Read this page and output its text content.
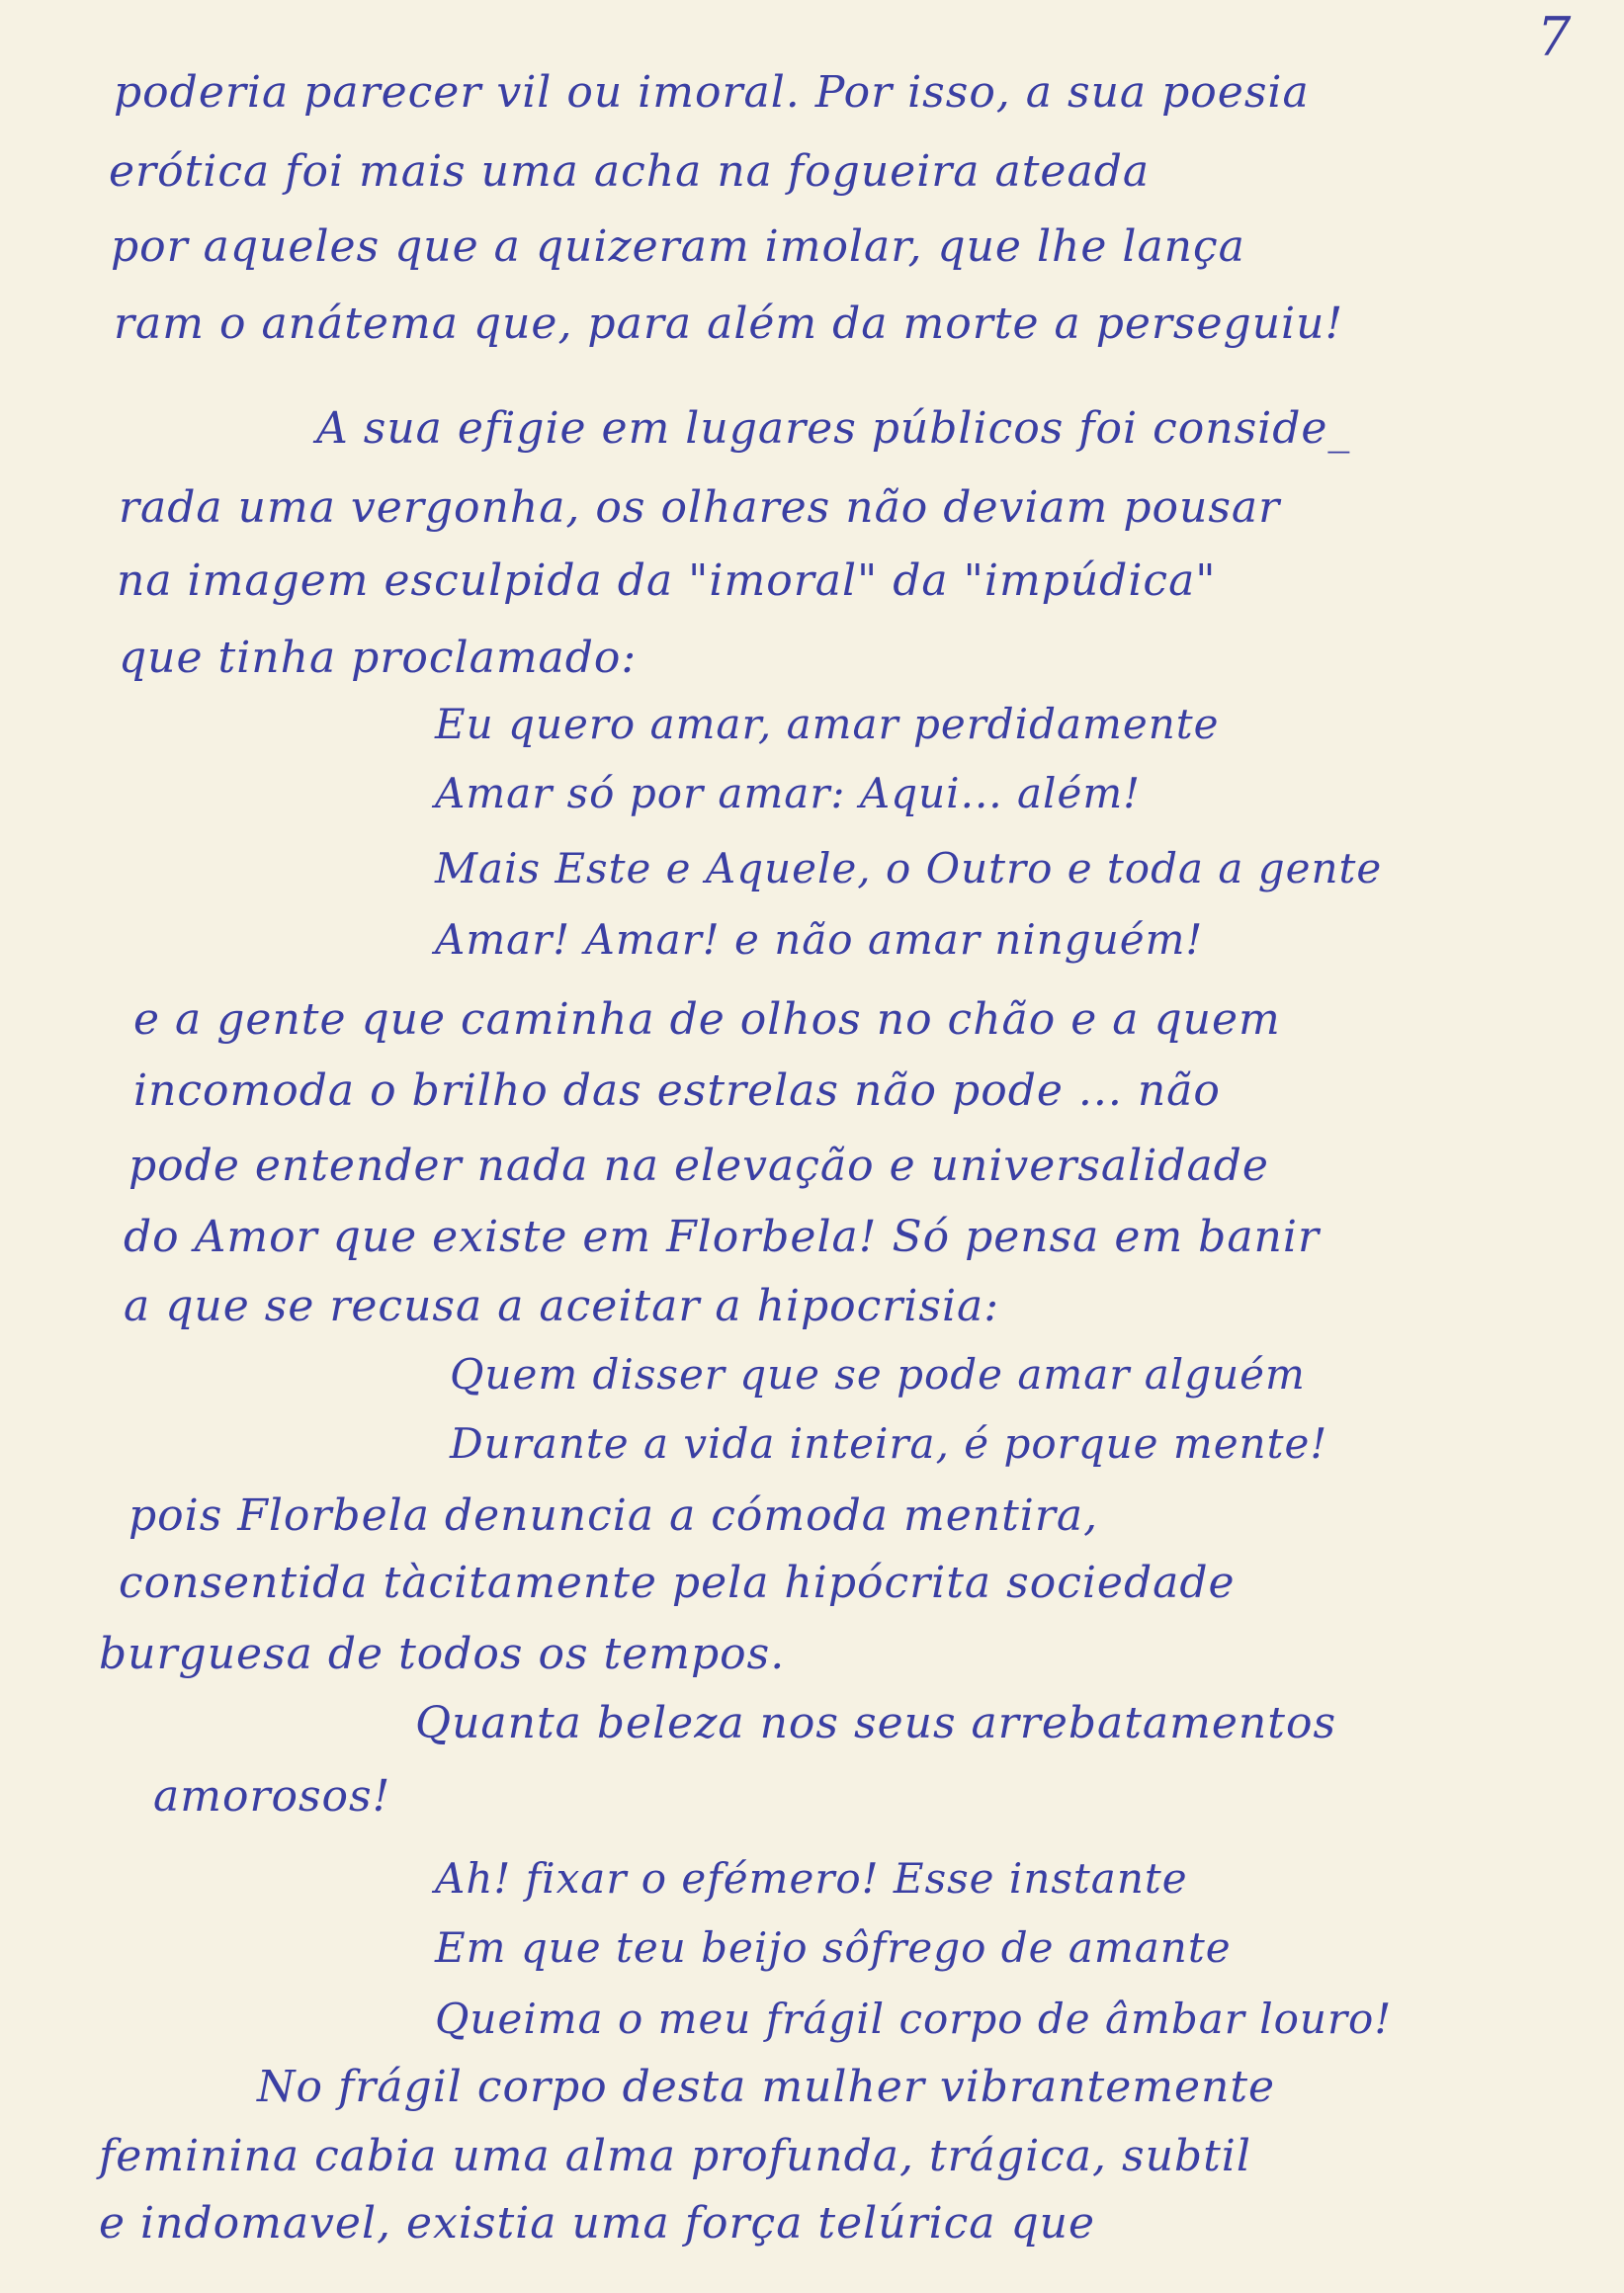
7
poderia parecer vil ou imoral. Por isso, a sua poesia
erótica foi mais uma acha na fogueira ateada
por aqueles que a quizeram imolar, que lhe lança
ram o anátema que, para além da morte a perseguiu!
A sua efigie em lugares públicos foi conside_
rada uma vergonha, os olhares não deviam pousar
na imagem esculpida da "imoral" da "impúdica"
que tinha proclamado:
Eu quero amar, amar perdidamente
Amar só por amar: Aqui... além!
Mais Este e Aquele, o Outro e toda a gente
Amar! Amar! e não amar ninguém!
e a gente que caminha de olhos no chão e a quem
incomoda o brilho das estrelas não pode ... não
pode entender nada na elevação e universalidade
do Amor que existe em Florbela! Só pensa em banir
a que se recusa a aceitar a hipocrisia:
Quem disser que se pode amar alguém
Durante a vida inteira, é porque mente!
pois Florbela denuncia a cómoda mentira,
consentida tàcitamente pela hipócrita sociedade
burguesa de todos os tempos.
Quanta beleza nos seus arrebatamentos
amorosos!
Ah! fixar o efémero! Esse instante
Em que teu beijo sôfrego de amante
Queima o meu frágil corpo de âmbar louro!
No frágil corpo desta mulher vibrantemente
feminina cabia uma alma profunda, trágica, subtil
e indomavel, existia uma força telúrica que
